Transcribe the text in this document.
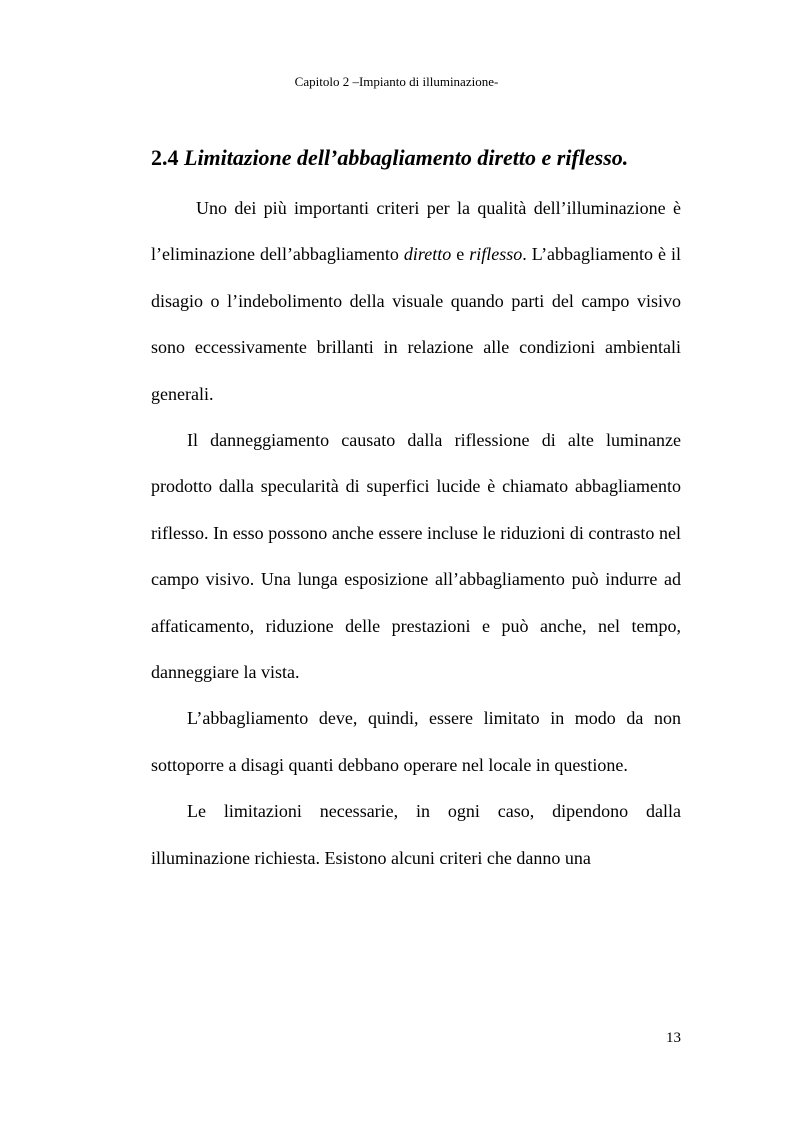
Capitolo 2 –Impianto di illuminazione-
2.4 Limitazione dell’abbagliamento diretto e riflesso.

Uno dei più importanti criteri per la qualità dell’illuminazione è l’eliminazione dell’abbagliamento diretto e riflesso. L’abbagliamento è il disagio o l’indebolimento della visuale quando parti del campo visivo sono eccessivamente brillanti in relazione alle condizioni ambientali generali.

Il danneggiamento causato dalla riflessione di alte luminanze prodotto dalla specularità di superfici lucide è chiamato abbagliamento riflesso. In esso possono anche essere incluse le riduzioni di contrasto nel campo visivo. Una lunga esposizione all’abbagliamento può indurre ad affaticamento, riduzione delle prestazioni e può anche, nel tempo, danneggiare la vista.

L’abbagliamento deve, quindi, essere limitato in modo da non sottoporre a disagi quanti debbano operare nel locale in questione.

Le limitazioni necessarie, in ogni caso, dipendono dalla illuminazione richiesta. Esistono alcuni criteri che danno una

13
